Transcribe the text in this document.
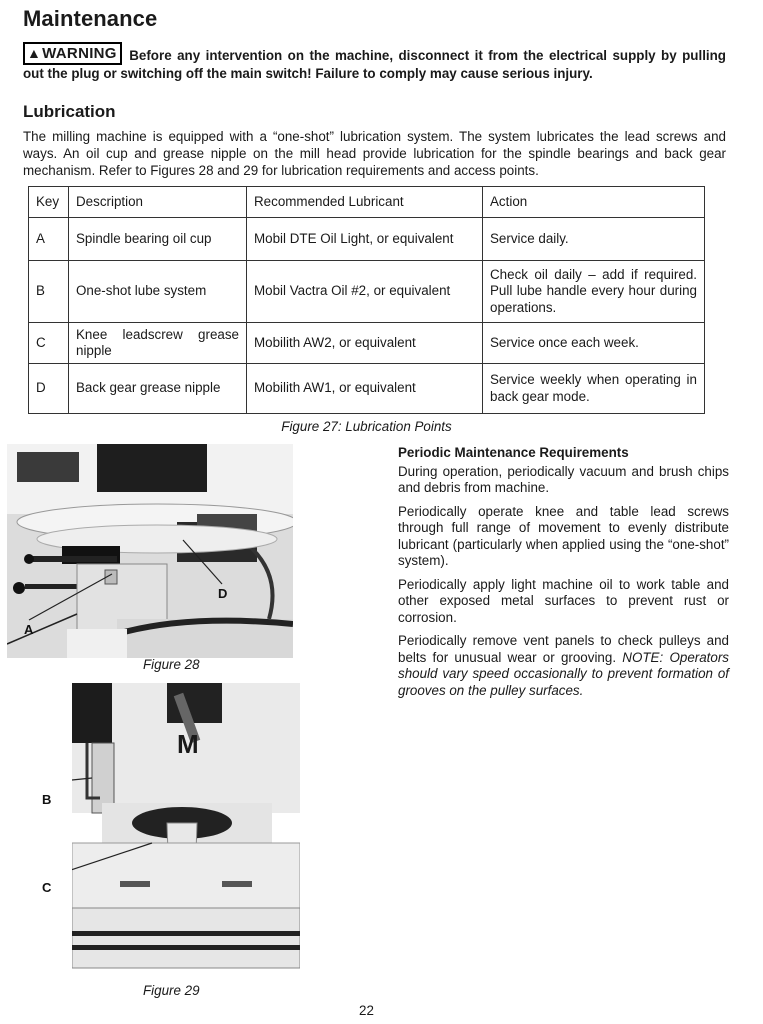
Maintenance
▲WARNING Before any intervention on the machine, disconnect it from the electrical supply by pulling out the plug or switching off the main switch! Failure to comply may cause serious injury.
Lubrication
The milling machine is equipped with a “one-shot” lubrication system. The system lubricates the lead screws and ways. An oil cup and grease nipple on the mill head provide lubrication for the spindle bearings and back gear mechanism. Refer to Figures 28 and 29 for lubrication requirements and access points.
Key	Description	Recommended Lubricant	Action
A	Spindle bearing oil cup	Mobil DTE Oil Light, or equivalent	Service daily.
B	One-shot lube system	Mobil Vactra Oil #2, or equivalent	Check oil daily – add if required. Pull lube handle every hour during operations.
C	Knee leadscrew grease nipple	Mobilith AW2, or equivalent	Service once each week.
D	Back gear grease nipple	Mobilith AW1, or equivalent	Service weekly when operating in back gear mode.
Figure 27: Lubrication Points
D
A
Figure 28
M
B
C
Figure 29
Periodic Maintenance Requirements

During operation, periodically vacuum and brush chips and debris from machine.

Periodically operate knee and table lead screws through full range of movement to evenly distribute lubricant (particularly when applied using the “one-shot” system).

Periodically apply light machine oil to work table and other exposed metal surfaces to prevent rust or corrosion.

Periodically remove vent panels to check pulleys and belts for unusual wear or grooving. NOTE: Operators should vary speed occasionally to prevent formation of grooves on the pulley surfaces.

22
